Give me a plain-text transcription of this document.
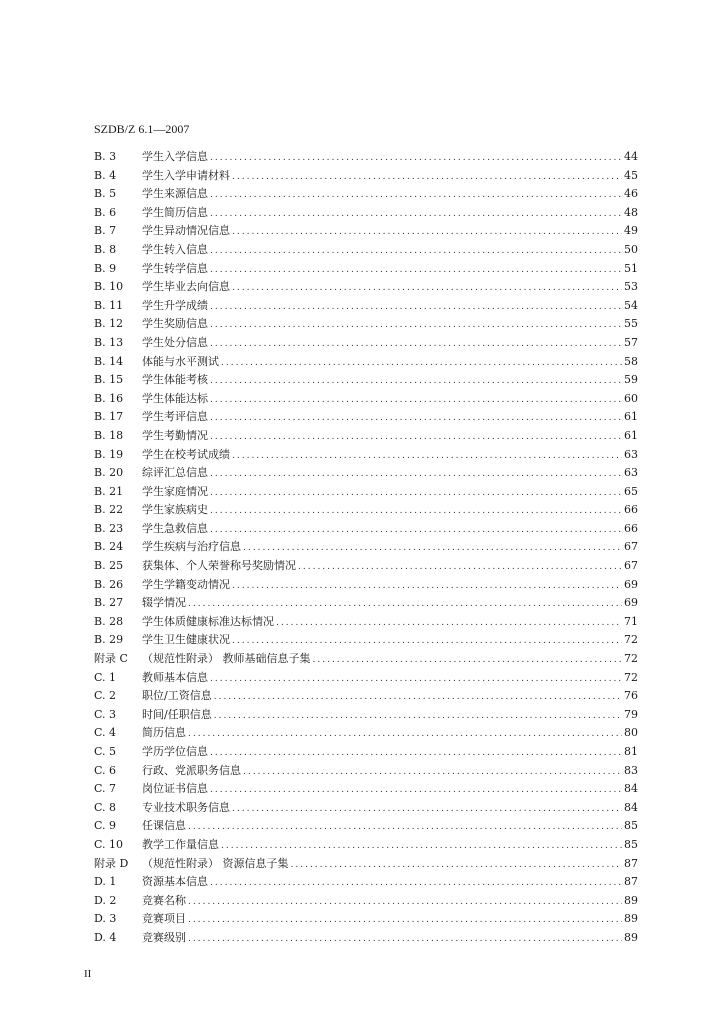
SZDB/Z 6.1—2007
B. 3	学生入学信息 .....	44
B. 4	学生入学申请材料 .....	45
B. 5	学生来源信息 .....	46
B. 6	学生简历信息 .....	48
B. 7	学生异动情况信息 .....	49
B. 8	学生转入信息 .....	50
B. 9	学生转学信息 .....	51
B. 10	学生毕业去向信息 .....	53
B. 11	学生升学成绩 .....	54
B. 12	学生奖励信息 .....	55
B. 13	学生处分信息 .....	57
B. 14	体能与水平测试 .....	58
B. 15	学生体能考核 .....	59
B. 16	学生体能达标 .....	60
B. 17	学生考评信息 .....	61
B. 18	学生考勤情况 .....	61
B. 19	学生在校考试成绩 .....	63
B. 20	综评汇总信息 .....	63
B. 21	学生家庭情况 .....	65
B. 22	学生家族病史 .....	66
B. 23	学生急救信息 .....	66
B. 24	学生疾病与治疗信息 .....	67
B. 25	获集体、个人荣誉称号奖励情况 .....	67
B. 26	学生学籍变动情况 .....	69
B. 27	辍学情况 .....	69
B. 28	学生体质健康标准达标情况 .....	71
B. 29	学生卫生健康状况 .....	72
附录 C	（规范性附录） 教师基础信息子集 .....	72
C. 1	教师基本信息 .....	72
C. 2	职位/工资信息 .....	76
C. 3	时间/任职信息 .....	79
C. 4	简历信息 .....	80
C. 5	学历学位信息 .....	81
C. 6	行政、党派职务信息 .....	83
C. 7	岗位证书信息 .....	84
C. 8	专业技术职务信息 .....	84
C. 9	任课信息 .....	85
C. 10	教学工作量信息 .....	85
附录 D	（规范性附录） 资源信息子集 .....	87
D. 1	资源基本信息 .....	87
D. 2	竞赛名称 .....	89
D. 3	竞赛项目 .....	89
D. 4	竞赛级别 .....	89
II
